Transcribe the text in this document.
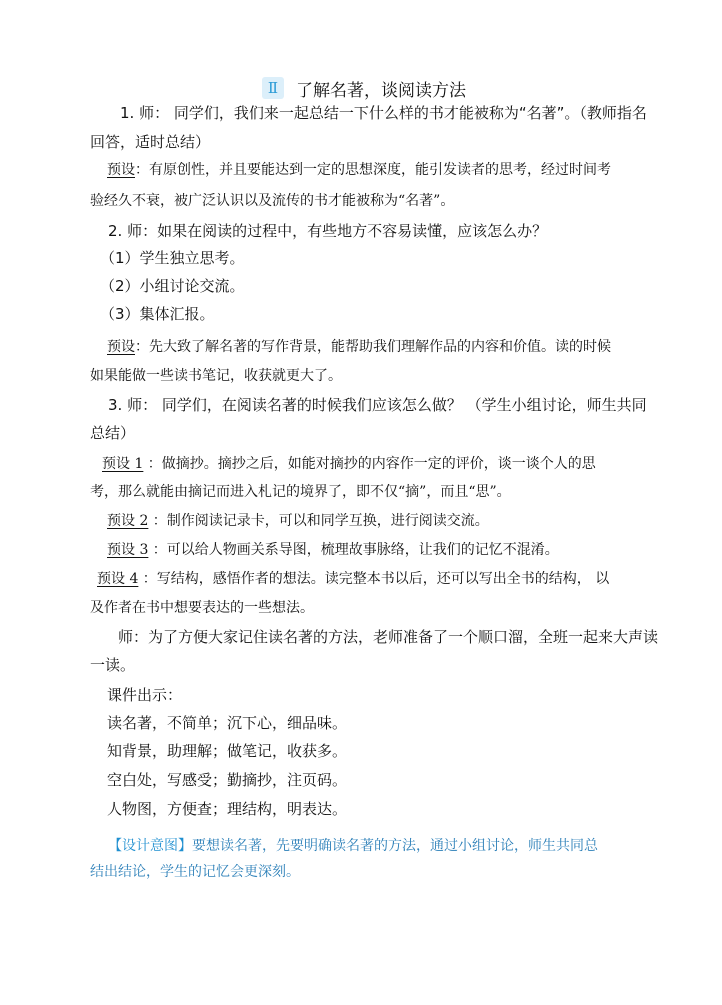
Ⅱ	了解名著，谈阅读方法
1. 师： 同学们，我们来一起总结一下什么样的书才能被称为“名著”。（教师指名
回答，适时总结）
预设：有原创性，并且要能达到一定的思想深度，能引发读者的思考，经过时间考
验经久不衰，被广泛认识以及流传的书才能被称为“名著”。
2. 师：如果在阅读的过程中，有些地方不容易读懂，应该怎么办？
（1）学生独立思考。
（2）小组讨论交流。
（3）集体汇报。
预设：先大致了解名著的写作背景，能帮助我们理解作品的内容和价值。读的时候
如果能做一些读书笔记，收获就更大了。
3. 师： 同学们，在阅读名著的时候我们应该怎么做？ （学生小组讨论，师生共同
总结）
预设 1 ：做摘抄。摘抄之后，如能对摘抄的内容作一定的评价，谈一谈个人的思
考，那么就能由摘记而进入札记的境界了，即不仅“摘”，而且“思”。
预设 2 ：制作阅读记录卡，可以和同学互换，进行阅读交流。
预设 3 ：可以给人物画关系导图，梳理故事脉络，让我们的记忆不混淆。
预设 4 ：写结构，感悟作者的想法。读完整本书以后，还可以写出全书的结构， 以
及作者在书中想要表达的一些想法。
师：为了方便大家记住读名著的方法，老师准备了一个顺口溜，全班一起来大声读
一读。
课件出示：
读名著，不简单；沉下心，细品味。
知背景，助理解；做笔记，收获多。
空白处，写感受；勤摘抄，注页码。
人物图，方便查；理结构，明表达。
【设计意图】要想读名著，先要明确读名著的方法，通过小组讨论，师生共同总
结出结论，学生的记忆会更深刻。
